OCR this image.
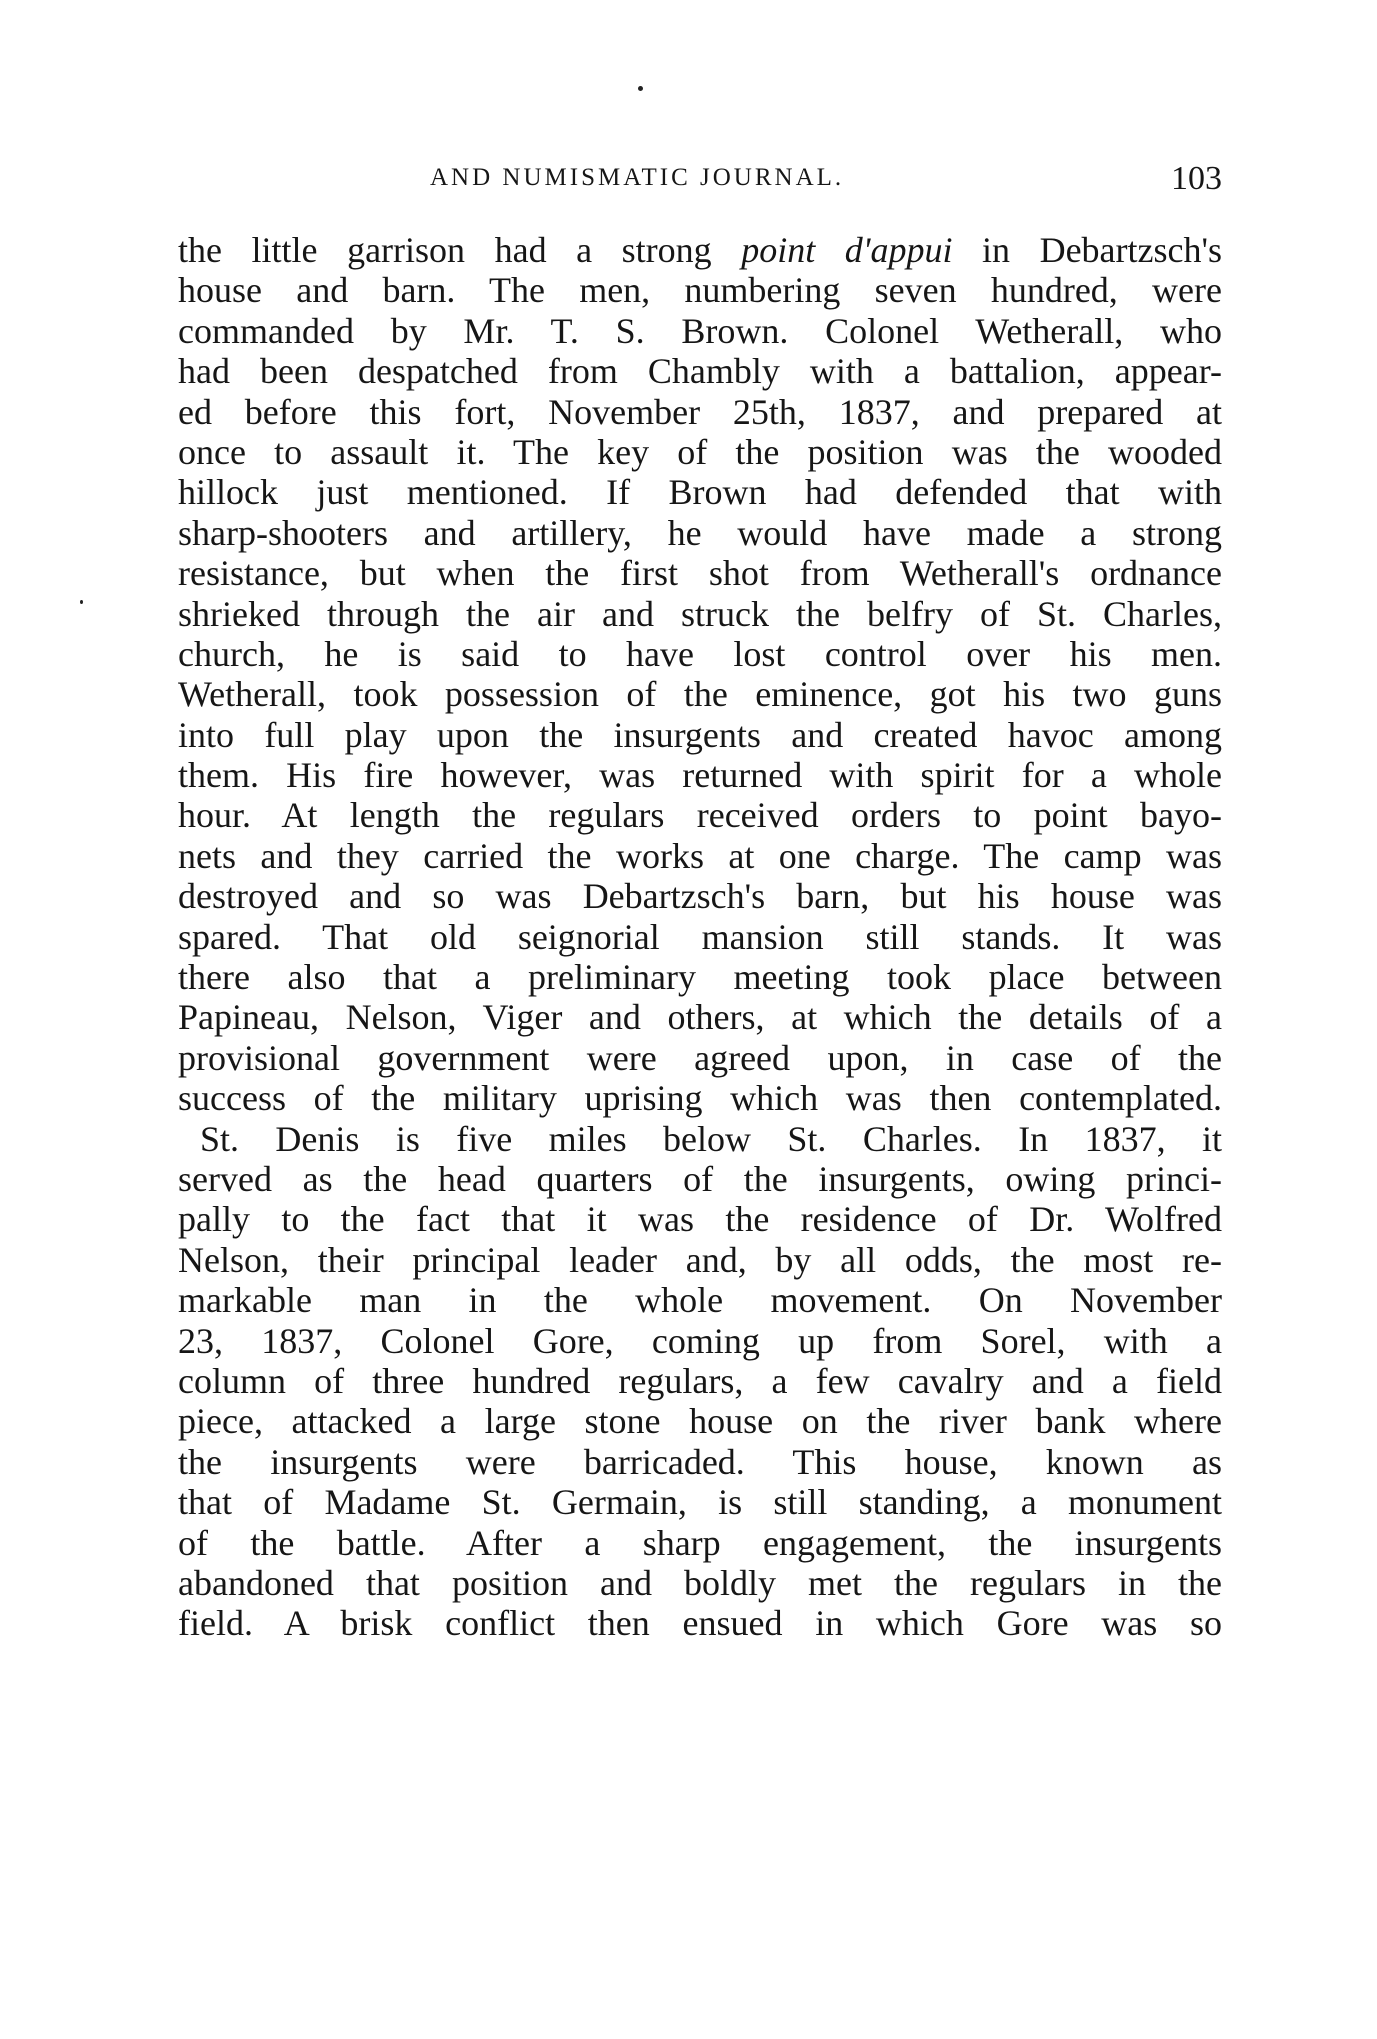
AND NUMISMATIC JOURNAL.	103
the little garrison had a strong point d'appui in Debartzsch's
house and barn. The men, numbering seven hundred, were
commanded by Mr. T. S. Brown. Colonel Wetherall, who
had been despatched from Chambly with a battalion, appear-
ed before this fort, November 25th, 1837, and prepared at
once to assault it. The key of the position was the wooded
hillock just mentioned. If Brown had defended that with
sharp-shooters and artillery, he would have made a strong
resistance, but when the first shot from Wetherall's ordnance
shrieked through the air and struck the belfry of St. Charles,
church, he is said to have lost control over his men.
Wetherall, took possession of the eminence, got his two guns
into full play upon the insurgents and created havoc among
them. His fire however, was returned with spirit for a whole
hour. At length the regulars received orders to point bayo-
nets and they carried the works at one charge. The camp was
destroyed and so was Debartzsch's barn, but his house was
spared. That old seignorial mansion still stands. It was
there also that a preliminary meeting took place between
Papineau, Nelson, Viger and others, at which the details of a
provisional government were agreed upon, in case of the
success of the military uprising which was then contemplated.
St. Denis is five miles below St. Charles. In 1837, it
served as the head quarters of the insurgents, owing princi-
pally to the fact that it was the residence of Dr. Wolfred
Nelson, their principal leader and, by all odds, the most re-
markable man in the whole movement. On November
23, 1837, Colonel Gore, coming up from Sorel, with a
column of three hundred regulars, a few cavalry and a field
piece, attacked a large stone house on the river bank where
the insurgents were barricaded. This house, known as
that of Madame St. Germain, is still standing, a monument
of the battle. After a sharp engagement, the insurgents
abandoned that position and boldly met the regulars in the
field. A brisk conflict then ensued in which Gore was so
